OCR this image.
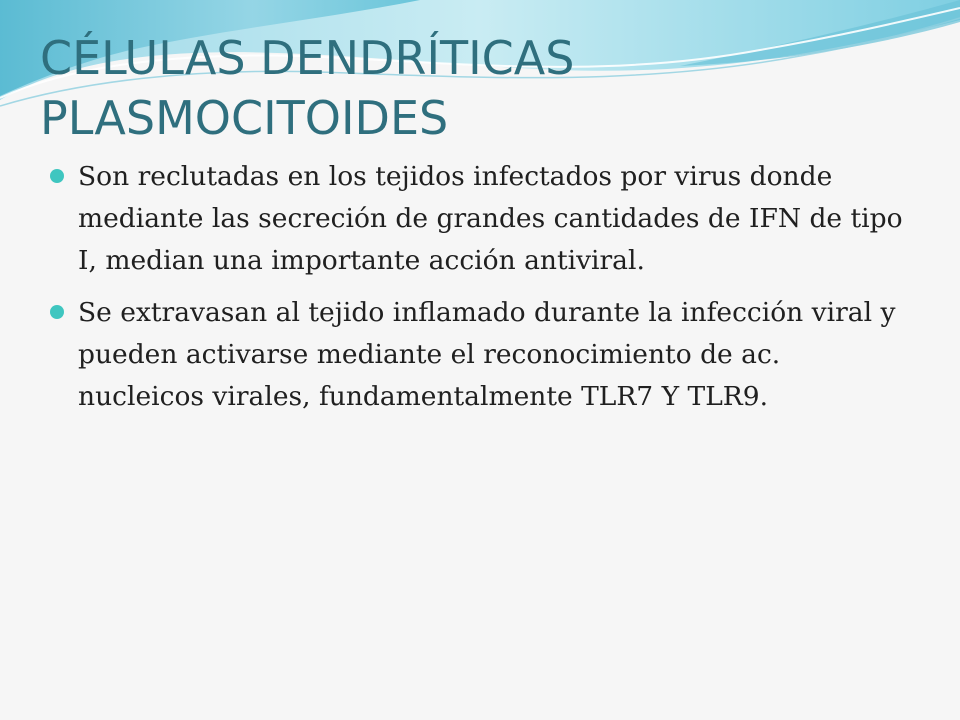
CÉLULAS DENDRÍTICAS PLASMOCITOIDES
Son reclutadas en los tejidos infectados por virus donde mediante las secreción de grandes cantidades de IFN de tipo I, median una importante acción antiviral.
Se extravasan al tejido inflamado durante la infección viral y pueden activarse mediante el reconocimiento de ac. nucleicos virales, fundamentalmente TLR7 Y TLR9.
